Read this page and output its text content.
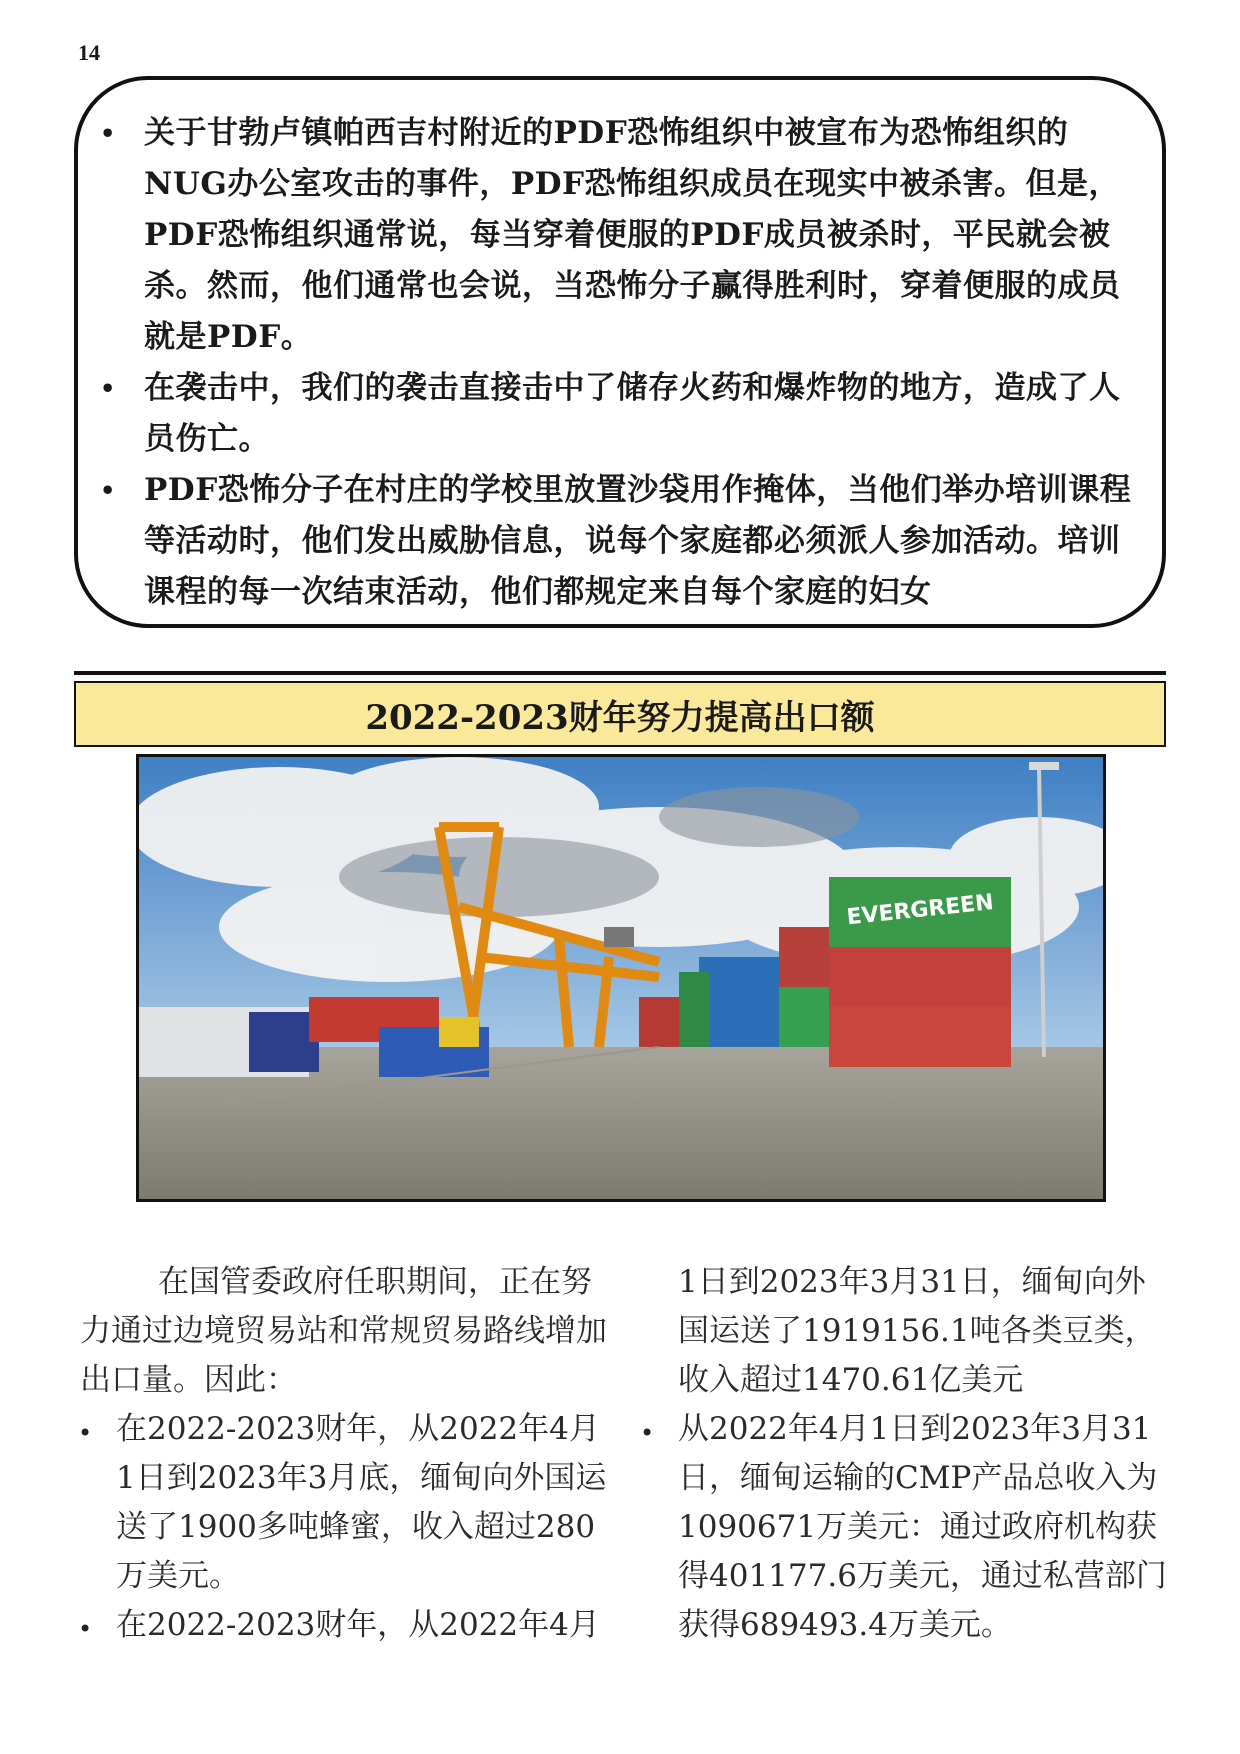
14
• 关于甘勃卢镇帕西吉村附近的PDF恐怖组织中被宣布为恐怖组织的NUG办公室攻击的事件，PDF恐怖组织成员在现实中被杀害。但是，PDF恐怖组织通常说，每当穿着便服的PDF成员被杀时，平民就会被杀。然而，他们通常也会说，当恐怖分子赢得胜利时，穿着便服的成员就是PDF。
• 在袭击中，我们的袭击直接击中了储存火药和爆炸物的地方，造成了人员伤亡。
• PDF恐怖分子在村庄的学校里放置沙袋用作掩体，当他们举办培训课程等活动时，他们发出威胁信息，说每个家庭都必须派人参加活动。培训课程的每一次结束活动，他们都规定来自每个家庭的妇女
2022-2023财年努力提高出口额
EVERGREEN

在国管委政府任职期间，正在努力通过边境贸易站和常规贸易路线增加出口量。因此：

• 在2022-2023财年，从2022年4月1日到2023年3月底，缅甸向外国运送了1900多吨蜂蜜，收入超过280万美元。
• 在2022-2023财年，从2022年4月
1日到2023年3月31日，缅甸向外国运送了1919156.1吨各类豆类，收入超过1470.61亿美元
• 从2022年4月1日到2023年3月31日，缅甸运输的CMP产品总收入为1090671万美元：通过政府机构获得401177.6万美元，通过私营部门获得689493.4万美元。
